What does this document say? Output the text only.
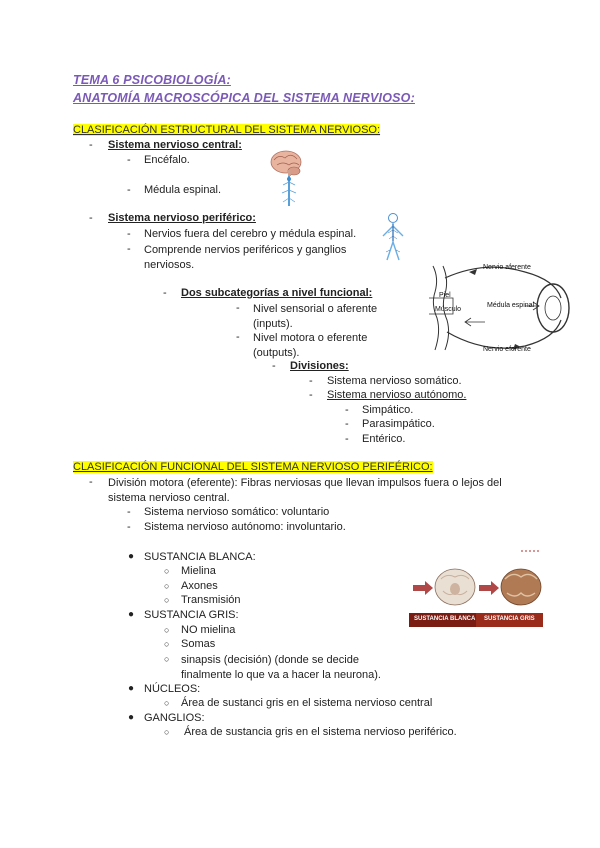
TEMA 6 PSICOBIOLOGÍA:
ANATOMÍA MACROSCÓPICA DEL SISTEMA NERVIOSO:
CLASIFICACIÓN ESTRUCTURAL DEL SISTEMA NERVIOSO:
- Sistema nervioso central:
- Encéfalo.
- Médula espinal.
- Sistema nervioso periférico:
- Nervios fuera del cerebro y médula espinal.
- Comprende nervios periféricos y ganglios nerviosos.
- Dos subcategorías a nivel funcional:
- Nivel sensorial o aferente (inputs).
- Nivel motora o eferente (outputs).
- Divisiones:
- Sistema nervioso somático.
- Sistema nervioso autónomo.
- Simpático.
- Parasimpático.
- Entérico.
Nervio aferente
Piel
Músculo
Médula espinal
Nervio eferente
CLASIFICACIÓN FUNCIONAL DEL SISTEMA NERVIOSO PERIFÉRICO:
- División motora (eferente): Fibras nerviosas que llevan impulsos fuera o lejos del sistema nervioso central.
- Sistema nervioso somático: voluntario
- Sistema nervioso autónomo: involuntario.
● SUSTANCIA BLANCA:
○ Mielina
○ Axones
○ Transmisión
● SUSTANCIA GRIS:
○ NO mielina
○ Somas
○ sinapsis (decisión) (donde se decide finalmente lo que va a hacer la neurona).
● NÚCLEOS:
○ Área de sustanci gris en el sistema nervioso central
● GANGLIOS:
○ Área de sustancia gris en el sistema nervioso periférico.
SUSTANCIA BLANCA SUSTANCIA GRIS
